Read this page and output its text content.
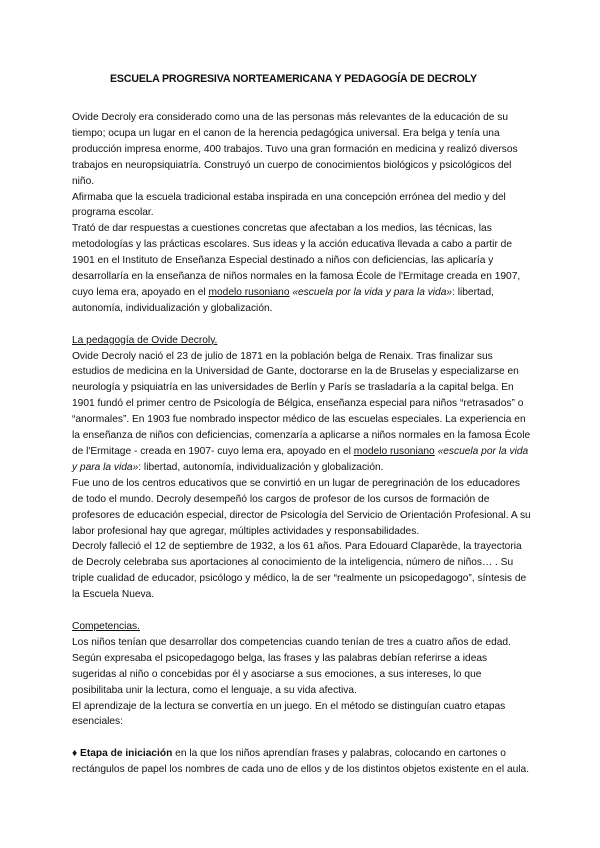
ESCUELA PROGRESIVA NORTEAMERICANA Y PEDAGOGÍA DE DECROLY

Ovide Decroly era considerado como una de las personas más relevantes de la educación de su tiempo; ocupa un lugar en el canon de la herencia pedagógica universal. Era belga y tenía una producción impresa enorme, 400 trabajos. Tuvo una gran formación en medicina y realizó diversos trabajos en neuropsiquiatría. Construyó un cuerpo de conocimientos biológicos y psicológicos del niño.

Afirmaba que la escuela tradicional estaba inspirada en una concepción errónea del medio y del programa escolar.

Trató de dar respuestas a cuestiones concretas que afectaban a los medios, las técnicas, las metodologías y las prácticas escolares. Sus ideas y la acción educativa llevada a cabo a partir de 1901 en el Instituto de Enseñanza Especial destinado a niños con deficiencias, las aplicaría y desarrollaría en la enseñanza de niños normales en la famosa École de l'Ermitage creada en 1907, cuyo lema era, apoyado en el modelo rusoniano «escuela por la vida y para la vida»: libertad, autonomía, individualización y globalización.

La pedagogía de Ovide Decroly.

Ovide Decroly nació el 23 de julio de 1871 en la población belga de Renaix. Tras finalizar sus estudios de medicina en la Universidad de Gante, doctorarse en la de Bruselas y especializarse en neurología y psiquiatría en las universidades de Berlín y París se trasladaría a la capital belga. En 1901 fundó el primer centro de Psicología de Bélgica, enseñanza especial para niños “retrasados” o “anormales”. En 1903 fue nombrado inspector médico de las escuelas especiales. La experiencia en la enseñanza de niños con deficiencias, comenzaría a aplicarse a niños normales en la famosa École de l'Ermitage - creada en 1907- cuyo lema era, apoyado en el modelo rusoniano «escuela por la vida y para la vida»: libertad, autonomía, individualización y globalización.

Fue uno de los centros educativos que se convirtió en un lugar de peregrinación de los educadores de todo el mundo. Decroly desempeñó los cargos de profesor de los cursos de formación de profesores de educación especial, director de Psicología del Servicio de Orientación Profesional. A su labor profesional hay que agregar, múltiples actividades y responsabilidades.

Decroly falleció el 12 de septiembre de 1932, a los 61 años. Para Edouard Claparède, la trayectoria de Decroly celebraba sus aportaciones al conocimiento de la inteligencia, número de niños… . Su triple cualidad de educador, psicólogo y médico, la de ser “realmente un psicopedagogo”, síntesis de la Escuela Nueva.

Competencias.

Los niños tenían que desarrollar dos competencias cuando tenían de tres a cuatro años de edad. Según expresaba el psicopedagogo belga, las frases y las palabras debían referirse a ideas sugeridas al niño o concebidas por él y asociarse a sus emociones, a sus intereses, lo que posibilitaba unir la lectura, como el lenguaje, a su vida afectiva.

El aprendizaje de la lectura se convertía en un juego. En el método se distinguían cuatro etapas esenciales:

♦ Etapa de iniciación en la que los niños aprendían frases y palabras, colocando en cartones o rectángulos de papel los nombres de cada uno de ellos y de los distintos objetos existente en el aula.
